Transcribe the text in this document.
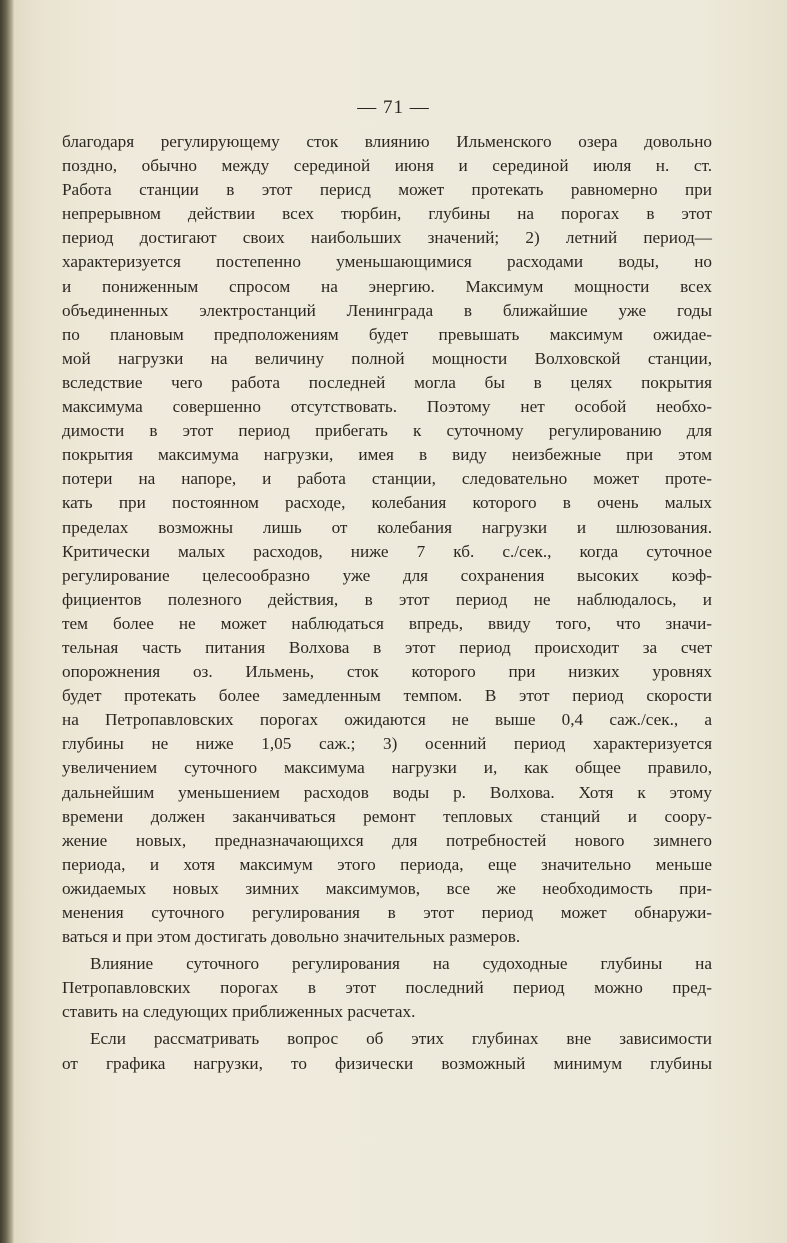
— 71 —
благодаря регулирующему сток влиянию Ильменского озера довольно
поздно, обычно между серединой июня и серединой июля н. ст.
Работа станции в этот перисд может протекать равномерно при
непрерывном действии всех тюрбин, глубины на порогах в этот
период достигают своих наибольших значений; 2) летний период—
характеризуется постепенно уменьшающимися расходами воды, но
и пониженным спросом на энергию. Максимум мощности всех
объединенных электростанций Ленинграда в ближайшие уже годы
по плановым предположениям будет превышать максимум ожидае-
мой нагрузки на величину полной мощности Волховской станции,
вследствие чего работа последней могла бы в целях покрытия
максимума совершенно отсутствовать. Поэтому нет особой необхо-
димости в этот период прибегать к суточному регулированию для
покрытия максимума нагрузки, имея в виду неизбежные при этом
потери на напоре, и работа станции, следовательно может проте-
кать при постоянном расходе, колебания которого в очень малых
пределах возможны лишь от колебания нагрузки и шлюзования.
Критически малых расходов, ниже 7 кб. с./сек., когда суточное
регулирование целесообразно уже для сохранения высоких коэф-
фициентов полезного действия, в этот период не наблюдалось, и
тем более не может наблюдаться впредь, ввиду того, что значи-
тельная часть питания Волхова в этот период происходит за счет
опорожнения оз. Ильмень, сток которого при низких уровнях
будет протекать более замедленным темпом. В этот период скорости
на Петропавловских порогах ожидаются не выше 0,4 саж./сек., а
глубины не ниже 1,05 саж.; 3) осенний период характеризуется
увеличением суточного максимума нагрузки и, как общее правило,
дальнейшим уменьшением расходов воды р. Волхова. Хотя к этому
времени должен заканчиваться ремонт тепловых станций и соору-
жение новых, предназначающихся для потребностей нового зимнего
периода, и хотя максимум этого периода, еще значительно меньше
ожидаемых новых зимних максимумов, все же необходимость при-
менения суточного регулирования в этот период может обнаружи-
ваться и при этом достигать довольно значительных размеров.
Влияние суточного регулирования на судоходные глубины на
Петропавловских порогах в этот последний период можно пред-
ставить на следующих приближенных расчетах.
Если рассматривать вопрос об этих глубинах вне зависимости
от графика нагрузки, то физически возможный минимум глубины
